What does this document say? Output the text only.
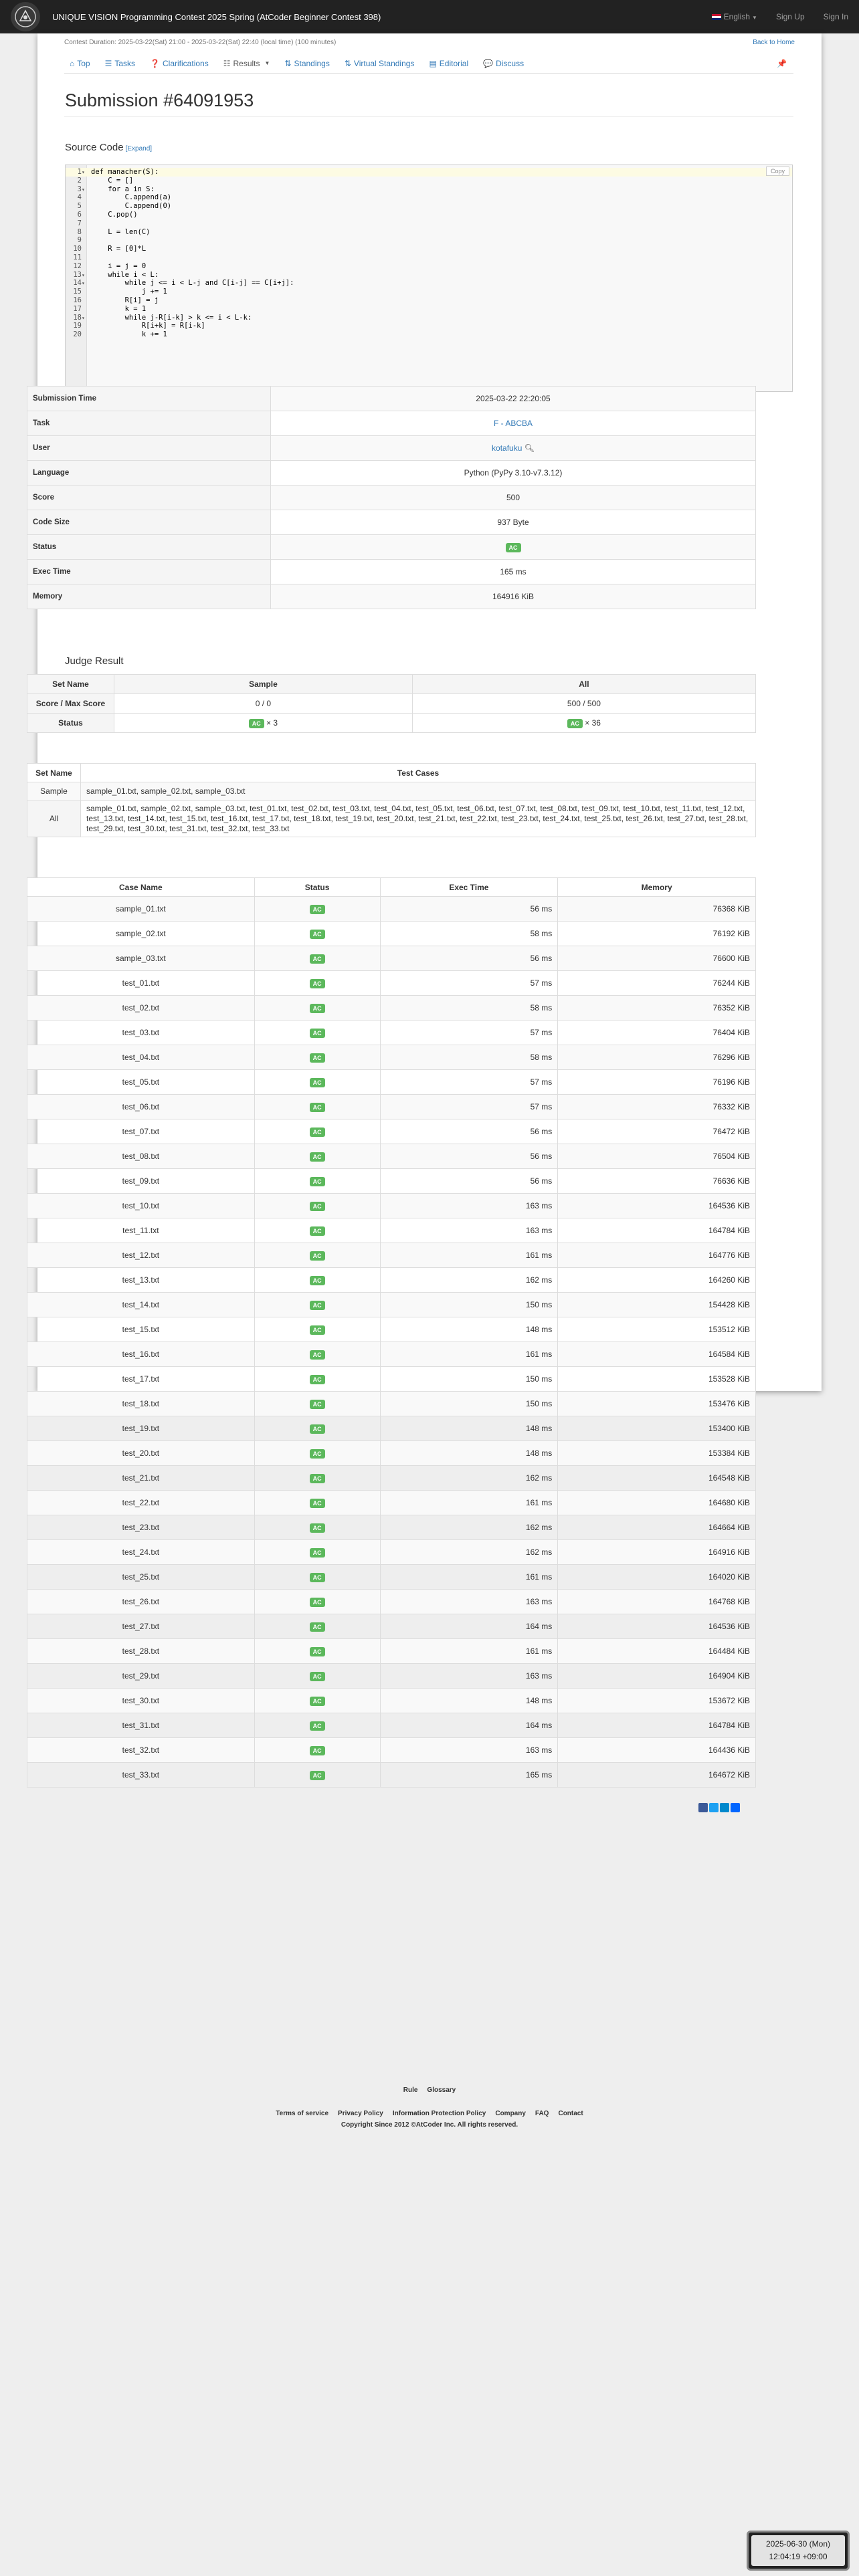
UNIQUE VISION Programming Contest 2025 Spring (AtCoder Beginner Contest 398)	English ▼ Sign Up Sign In
Contest Duration: 2025-03-22(Sat) 21:00 - 2025-03-22(Sat) 22:40 (local time) (100 minutes)	Back to Home
⌂ Top ☰ Tasks ❓ Clarifications ☷ Results ▼ ⇅ Standings ⇅ Virtual Standings ▤ Editorial 💬 Discuss	📌
Submission #64091953
Source Code [Expand]
1▾ def manacher(S):
2    C = []
3▾    for a in S:
4        C.append(a)
5        C.append(0)
6    C.pop()
7
8    L = len(C)
9
10    R = [0]*L
11
12    i = j = 0
13▾    while i < L:
14▾        while j <= i < L-j and C[i-j] == C[i+j]:
15            j += 1
16        R[i] = j
17        k = 1
18▾        while j-R[i-k] > k <= i < L-k:
19            R[i+k] = R[i-k]
20            k += 1
Copy
Submission Time	2025-03-22 22:20:05
Task	F - ABCBA
User	kotafuku 🔍︎
Language	Python (PyPy 3.10-v7.3.12)
Score	500
Code Size	937 Byte
Status	AC
Exec Time	165 ms
Memory	164916 KiB
Judge Result
Set Name	Sample	All
Score / Max Score	0 / 0	500 / 500
Status	AC × 3	AC × 36
Set Name	Test Cases
Sample	sample_01.txt, sample_02.txt, sample_03.txt
All	sample_01.txt, sample_02.txt, sample_03.txt, test_01.txt, test_02.txt, test_03.txt, test_04.txt, test_05.txt, test_06.txt, test_07.txt, test_08.txt, test_09.txt, test_10.txt, test_11.txt, test_12.txt, test_13.txt, test_14.txt, test_15.txt, test_16.txt, test_17.txt, test_18.txt, test_19.txt, test_20.txt, test_21.txt, test_22.txt, test_23.txt, test_24.txt, test_25.txt, test_26.txt, test_27.txt, test_28.txt, test_29.txt, test_30.txt, test_31.txt, test_32.txt, test_33.txt
Case Name	Status	Exec Time	Memory
sample_01.txt	AC	56 ms	76368 KiB
sample_02.txt	AC	58 ms	76192 KiB
sample_03.txt	AC	56 ms	76600 KiB
test_01.txt	AC	57 ms	76244 KiB
test_02.txt	AC	58 ms	76352 KiB
test_03.txt	AC	57 ms	76404 KiB
test_04.txt	AC	58 ms	76296 KiB
test_05.txt	AC	57 ms	76196 KiB
test_06.txt	AC	57 ms	76332 KiB
test_07.txt	AC	56 ms	76472 KiB
test_08.txt	AC	56 ms	76504 KiB
test_09.txt	AC	56 ms	76636 KiB
test_10.txt	AC	163 ms	164536 KiB
test_11.txt	AC	163 ms	164784 KiB
test_12.txt	AC	161 ms	164776 KiB
test_13.txt	AC	162 ms	164260 KiB
test_14.txt	AC	150 ms	154428 KiB
test_15.txt	AC	148 ms	153512 KiB
test_16.txt	AC	161 ms	164584 KiB
test_17.txt	AC	150 ms	153528 KiB
test_18.txt	AC	150 ms	153476 KiB
test_19.txt	AC	148 ms	153400 KiB
test_20.txt	AC	148 ms	153384 KiB
test_21.txt	AC	162 ms	164548 KiB
test_22.txt	AC	161 ms	164680 KiB
test_23.txt	AC	162 ms	164664 KiB
test_24.txt	AC	162 ms	164916 KiB
test_25.txt	AC	161 ms	164020 KiB
test_26.txt	AC	163 ms	164768 KiB
test_27.txt	AC	164 ms	164536 KiB
test_28.txt	AC	161 ms	164484 KiB
test_29.txt	AC	163 ms	164904 KiB
test_30.txt	AC	148 ms	153672 KiB
test_31.txt	AC	164 ms	164784 KiB
test_32.txt	AC	163 ms	164436 KiB
test_33.txt	AC	165 ms	164672 KiB
Rule Glossary
Terms of service Privacy Policy Information Protection Policy Company FAQ Contact
Copyright Since 2012 ©AtCoder Inc. All rights reserved.
2025-06-30 (Mon)
12:04:19 +09:00
